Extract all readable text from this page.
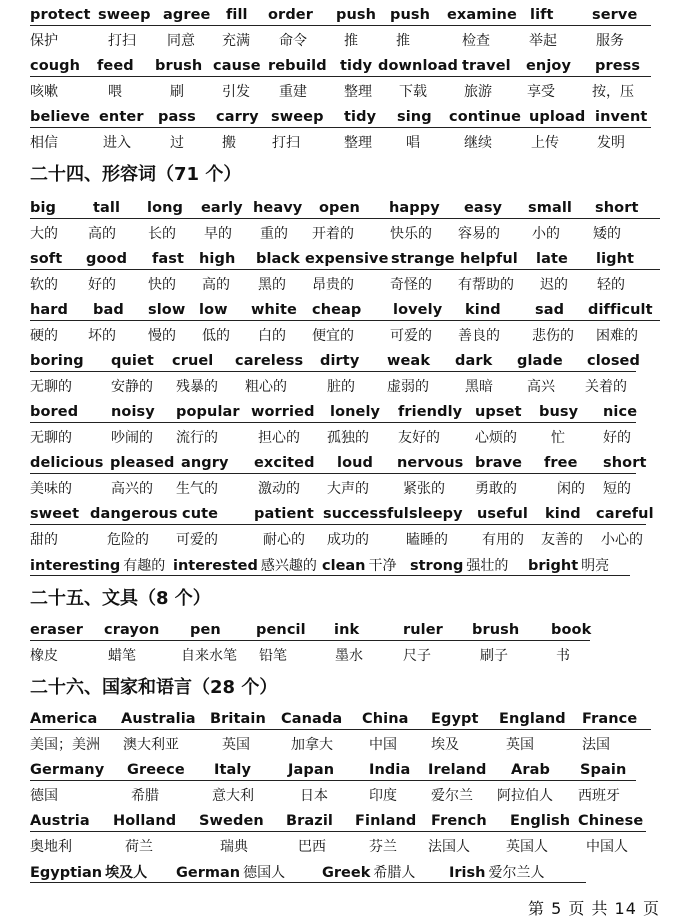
protect sweep agree fill order push push examine lift	serve
保护	打扫 同意 充满 命令	推	推	检查	举起	服务
cough feed brush cause rebuild tidy download travel enjoy press
咳嗽	喂	刷	引发 重建	整理 下载	旅游	享受	按，压
believe enter pass carry sweep tidy sing continue upload invent
相信	进入	过	搬	打扫	整理 唱	继续	上传	发明
二十四、形容词（71 个）
big	tall long early heavy open happy easy small short
大的 高的 长的 早的 重的 开着的	快乐的 容易的 小的 矮的
soft good fast high black expensive strange helpful late light
软的 好的 快的 高的 黑的 昂贵的	奇怪的 有帮助的 迟的 轻的
hard bad slow low white cheap lovely kind sad difficult
硬的 坏的 慢的 低的 白的 便宜的	可爱的 善良的 悲伤的 困难的
boring quiet cruel careless dirty weak dark glade closed
无聊的	安静的 残暴的 粗心的	脏的 虚弱的	黑暗 高兴 关着的
bored noisy popular worried lonely friendly upset busy nice
无聊的	吵闹的 流行的	担心的 孤独的 友好的	心烦的 忙	好的
delicious pleased angry excited loud nervous brave free short
美味的	高兴的 生气的	激动的 大声的 紧张的 勇敢的	闲的 短的
sweet dangerous cute patient successful sleepy useful kind careful
甜的	危险的 可爱的	耐心的 成功的	瞌睡的 有用的 友善的 小心的
interesting 有趣的 interested 感兴趣的 clean 干净 strong 强壮的 bright 明亮
二十五、文具（8 个）
eraser crayon pen pencil ink	ruler brush book
橡皮	蜡笔	自来水笔 铅笔	墨水	尺子	刷子	书
二十六、国家和语言（28 个）
America Australia Britain Canada China Egypt England France
美国；美洲 澳大利亚	英国	加拿大	中国 埃及	英国	法国
Germany Greece Italy	Japan India Ireland Arab Spain
德国	希腊	意大利	日本	印度 爱尔兰 阿拉伯人 西班牙
Austria Holland Sweden Brazil Finland French English Chinese
奥地利	荷兰	瑞典	巴西	芬兰 法国人	英国人	中国人
Egyptian 埃及人 German 德国人	Greek 希腊人 Irish 爱尔兰人
第 5 页 共 14 页
